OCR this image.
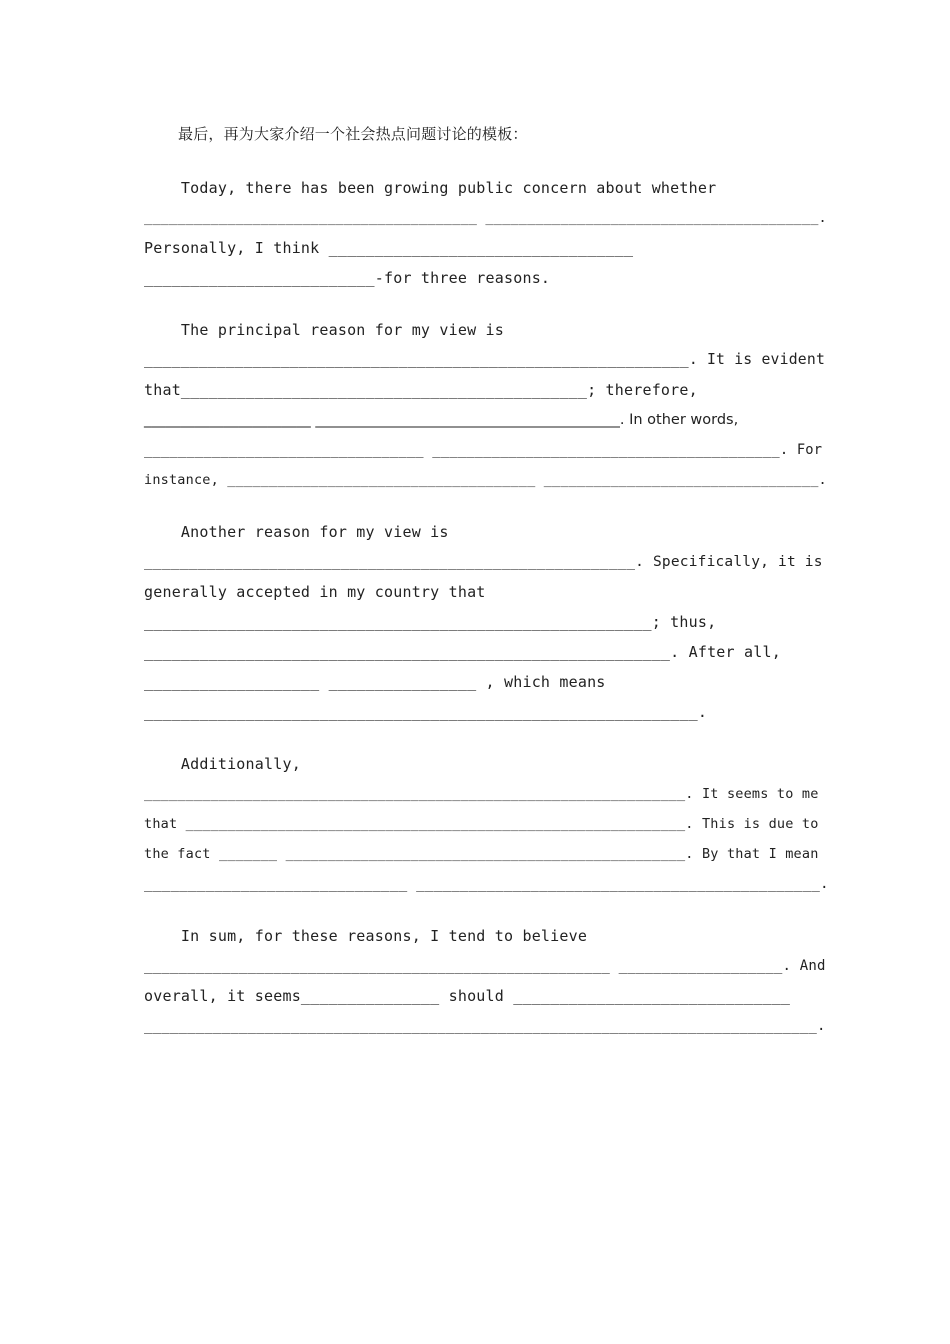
最后，再为大家介绍一个社会热点问题讨论的模板：
Today, there has been growing public concern about whether
________________________________________ ________________________________________.
Personally, I think _________________________________
_________________________-for three reasons.
The principal reason for my view is
____________________________________________________________. It is evident
that____________________________________________; therefore,
_______________________ __________________________________________. In other words,
_________________________________ _________________________________________. For
instance, _____________________________________ _________________________________.
Another reason for my view is
_______________________________________________________. Specifically, it is
generally accepted in my country that
_______________________________________________________; thus,
_________________________________________________________. After all,
___________________ ________________ , which means
____________________________________________________________.
Additionally,
_________________________________________________________________. It seems to me
that ____________________________________________________________. This is due to
the fact _______ ________________________________________________. By that I mean
______________________________ ______________________________________________.
In sum, for these reasons, I tend to believe
______________________________________________________ ___________________. And
overall, it seems_______________ should ______________________________
______________________________________________________________________________.
